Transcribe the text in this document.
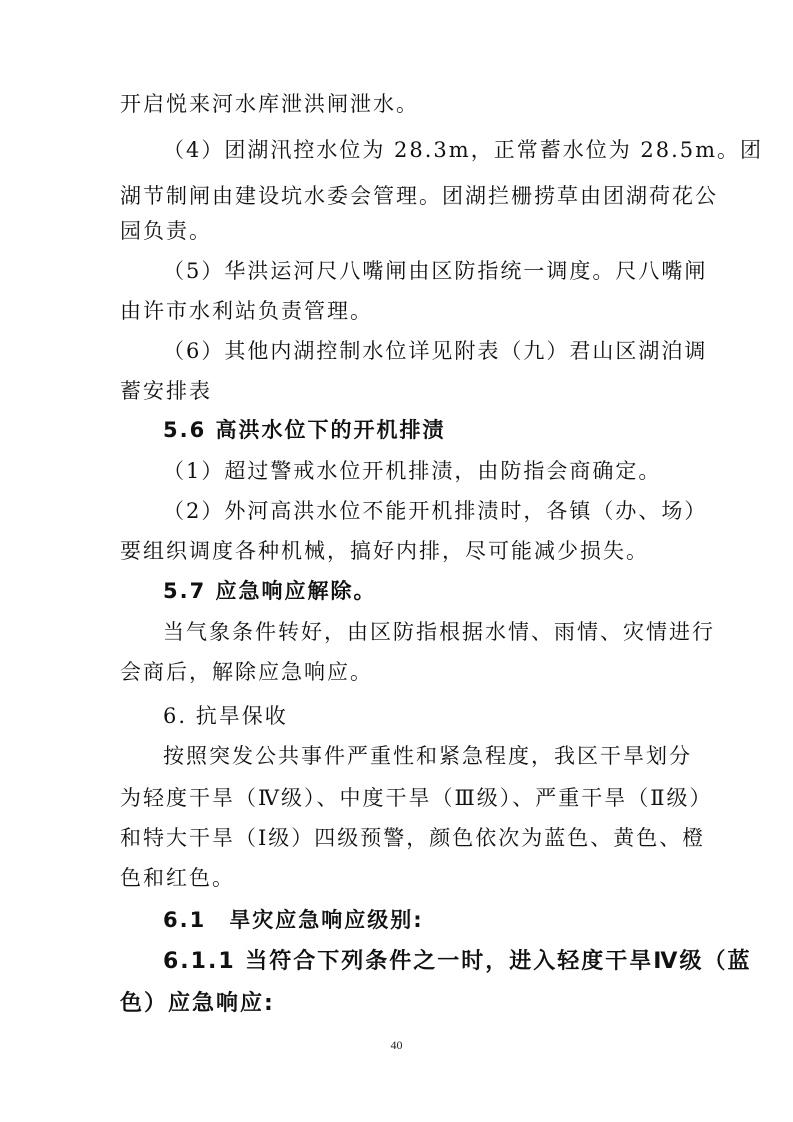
开启悦来河水库泄洪闸泄水。
（4）团湖汛控水位为 28.3m，正常蓄水位为 28.5m。团
湖节制闸由建设坑水委会管理。团湖拦栅捞草由团湖荷花公
园负责。
（5）华洪运河尺八嘴闸由区防指统一调度。尺八嘴闸
由许市水利站负责管理。
（6）其他内湖控制水位详见附表（九）君山区湖泊调
蓄安排表
5.6 高洪水位下的开机排渍
（1）超过警戒水位开机排渍，由防指会商确定。
（2）外河高洪水位不能开机排渍时，各镇（办、场）
要组织调度各种机械，搞好内排，尽可能减少损失。
5.7 应急响应解除。
当气象条件转好，由区防指根据水情、雨情、灾情进行
会商后，解除应急响应。
6. 抗旱保收
按照突发公共事件严重性和紧急程度，我区干旱划分
为轻度干旱（Ⅳ级）、中度干旱（Ⅲ级）、严重干旱（Ⅱ级）
和特大干旱（Ⅰ级）四级预警，颜色依次为蓝色、黄色、橙
色和红色。
6.1　旱灾应急响应级别:
6.1.1 当符合下列条件之一时，进入轻度干旱Ⅳ级（蓝
色）应急响应:
40
